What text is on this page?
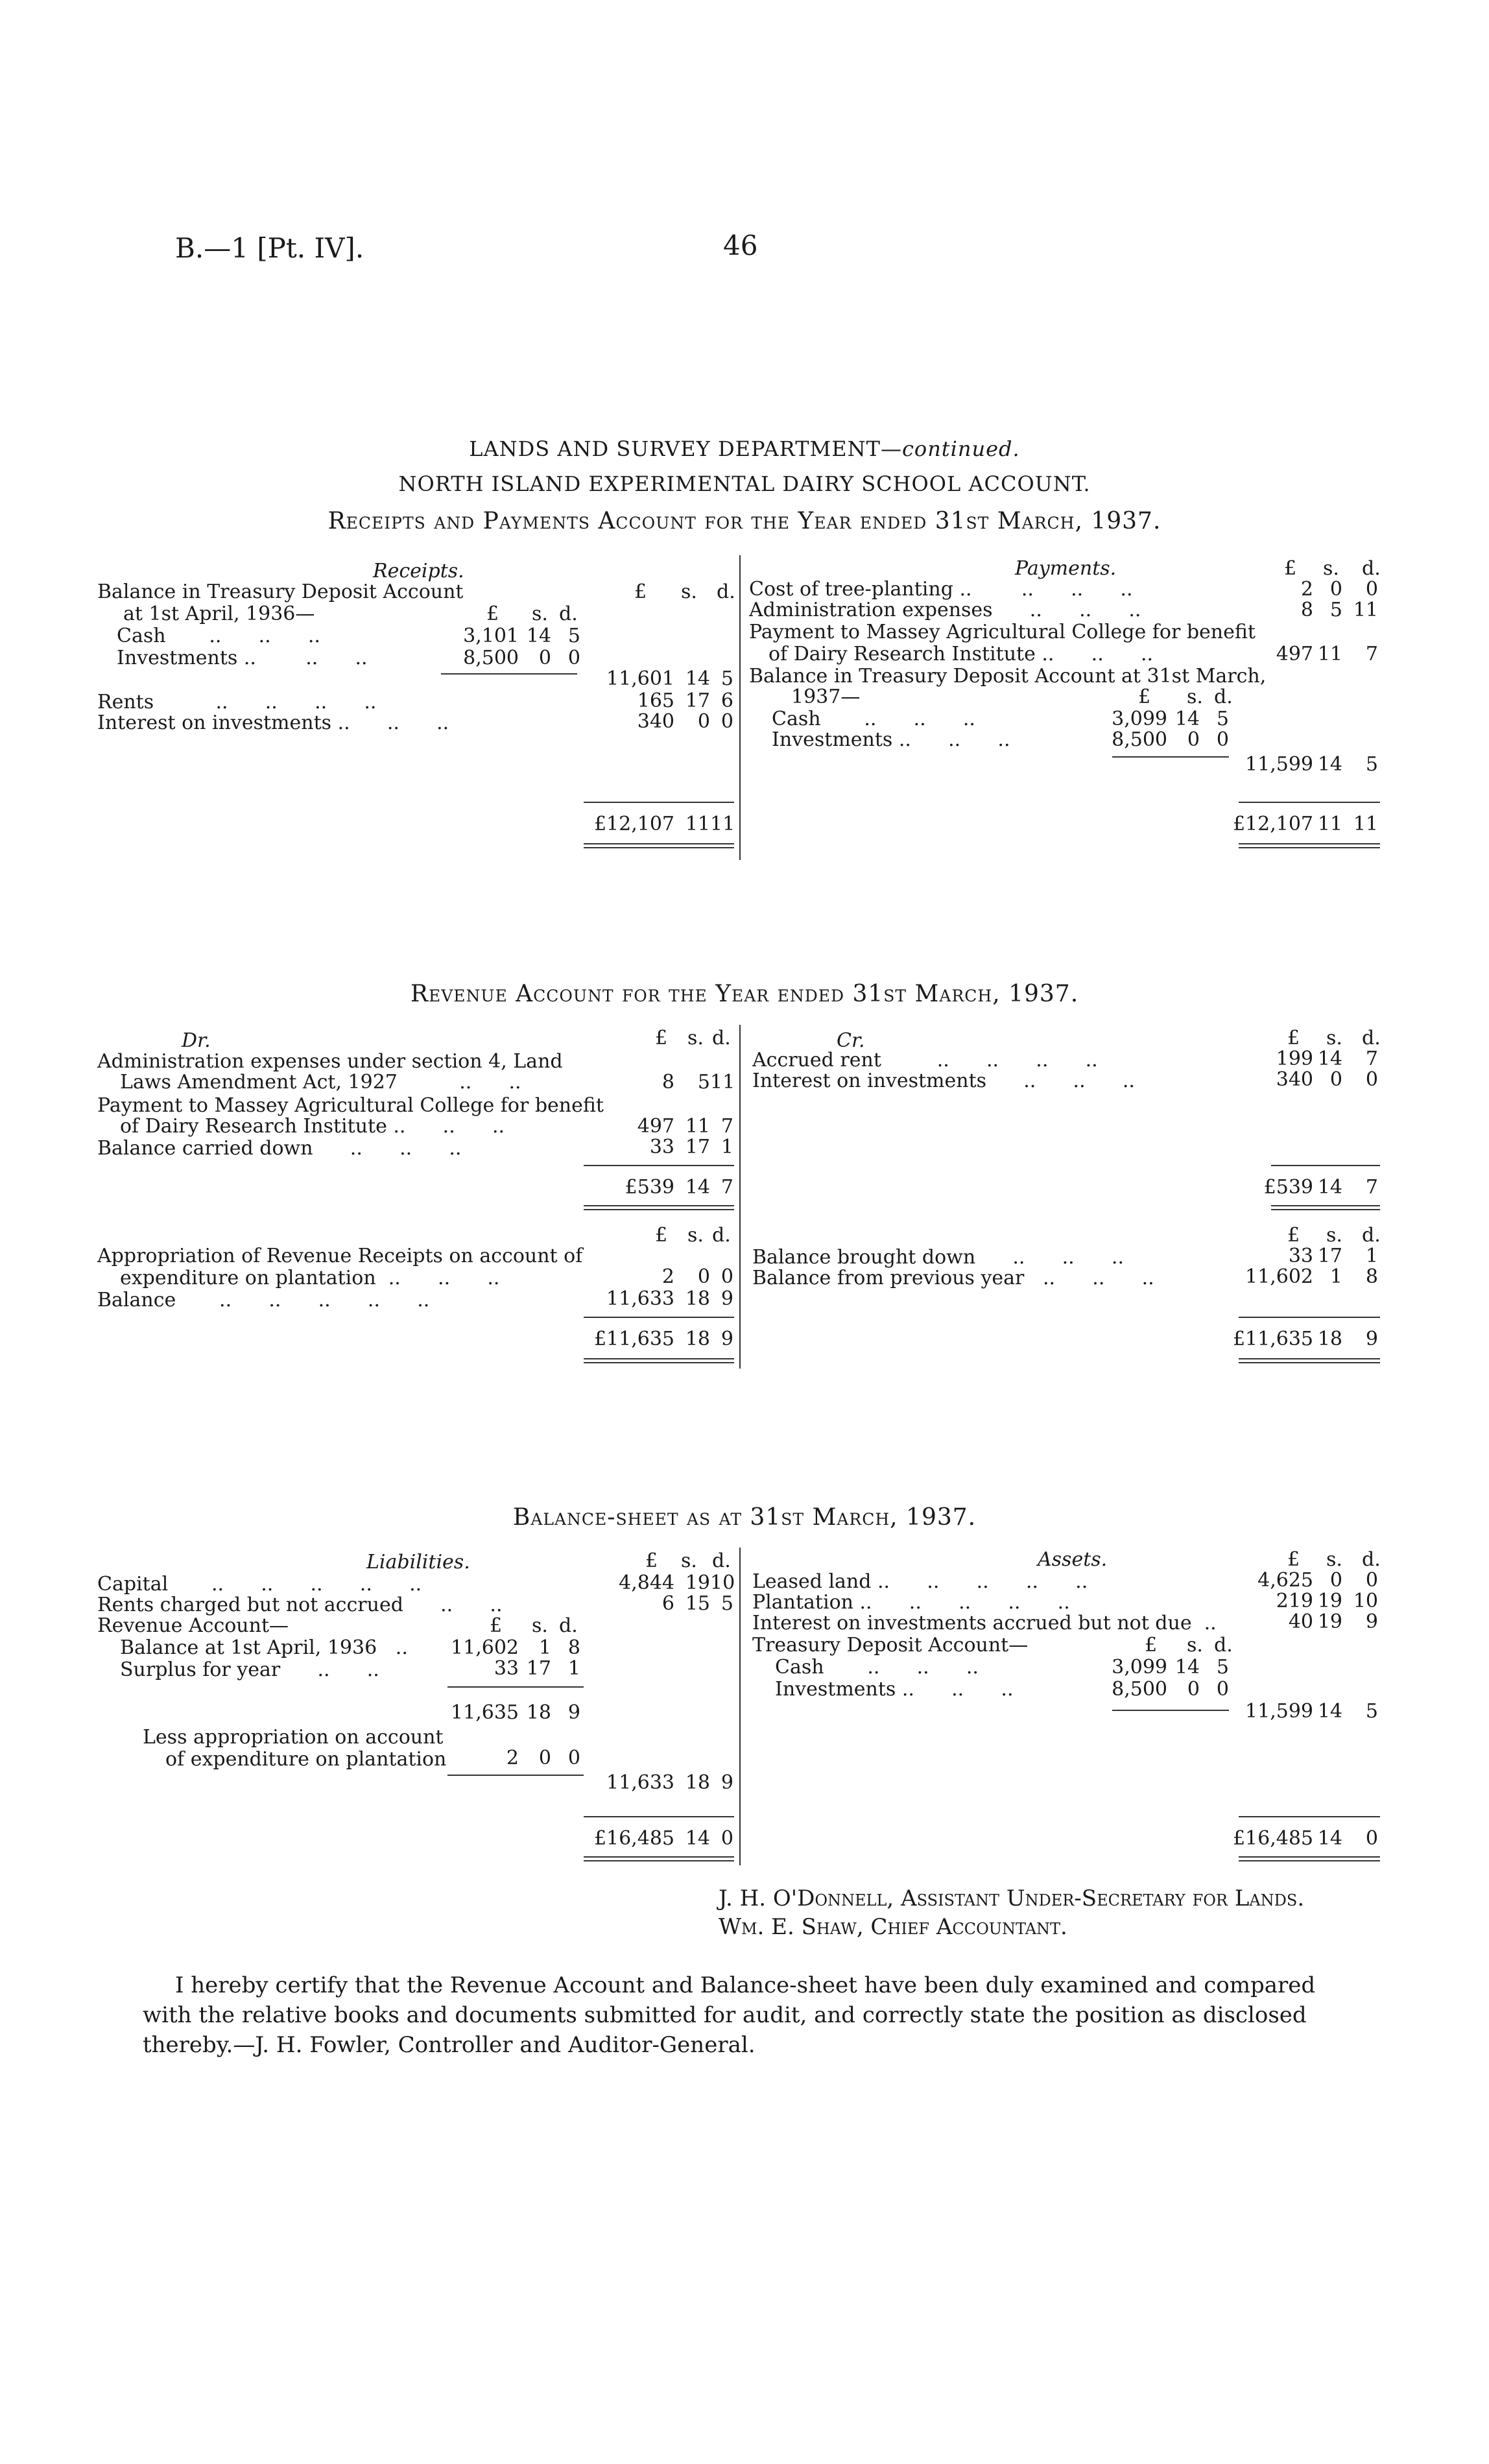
B.—1 [Pt. IV].	46
LANDS AND SURVEY DEPARTMENT—continued.
NORTH ISLAND EXPERIMENTAL DAIRY SCHOOL ACCOUNT.
Receipts and Payments Account for the Year ended 31st March, 1937.
Receipts.	Payments.
£ s. d.
£ s. d.
Balance in Treasury Deposit Account
at 1st April, 1936—	£ s. d.
Cash       ..      ..      ..	3,101 14 5
Investments ..        ..      ..	8,500	0 0
11,601 14 5
Rents          ..      ..      ..      ..	165 17 6
Interest on investments ..      ..      ..	340	0 0
£12,107 11 11
Cost of tree-planting ..        ..      ..      ..	2 0	0
Administration expenses      ..      ..      ..	8 5 11
Payment to Massey Agricultural College for benefit
of Dairy Research Institute ..      ..      ..	497 11	7
Balance in Treasury Deposit Account at 31st March,
1937—	£ s. d.
Cash       ..      ..      ..	3,099 14 5
Investments ..      ..      ..	8,500	0 0
11,599 14	5
£12,107 11 11
Revenue Account for the Year ended 31st March, 1937.
Dr.	Cr.
£ s. d.	£ s. d.
Administration expenses under section 4, Land
Laws Amendment Act, 1927          ..      ..	8	5 11
Payment to Massey Agricultural College for benefit
of Dairy Research Institute ..      ..      ..	497 11 7
Balance carried down      ..      ..      ..	33 17 1
Accrued rent         ..      ..      ..      ..	199 14	7
Interest on investments      ..      ..      ..	340 0	0
£539 14 7	£539 14	7
£ s. d.	£ s. d.
Appropriation of Revenue Receipts on account of
expenditure on plantation  ..      ..      ..	2	0 0
Balance       ..      ..      ..      ..      ..	11,633 18 9
Balance brought down      ..      ..      ..	33 17	1
Balance from previous year   ..      ..      ..	11,602 1	8
£11,635 18 9	£11,635 18	9
Balance-sheet as at 31st March, 1937.
Liabilities.	Assets.
£ s. d.	£ s. d.
Capital       ..      ..      ..      ..      ..	4,844 19 10
Rents charged but not accrued      ..      ..	6 15 5
Revenue Account—	£ s. d.
Balance at 1st April, 1936   .. 11,602	1 8
Surplus for year      ..      ..	33 17 1
11,635 18 9
Less appropriation on account
of expenditure on plantation	2	0 0
11,633 18 9
£16,485 14 0
Leased land ..      ..      ..      ..      ..	4,625 0	0
Plantation ..      ..      ..      ..      ..	219 19 10
Interest on investments accrued but not due  ..	40 19	9
Treasury Deposit Account—	£ s. d.
Cash       ..      ..      ..	3,099 14 5
Investments ..      ..      ..	8,500	0 0
11,599 14	5
£16,485 14	0
J. H. O'Donnell, Assistant Under-Secretary for Lands.
Wm. E. Shaw, Chief Accountant.
I hereby certify that the Revenue Account and Balance-sheet have been duly examined and compared
with the relative books and documents submitted for audit, and correctly state the position as disclosed
thereby.—J. H. Fowler, Controller and Auditor-General.
